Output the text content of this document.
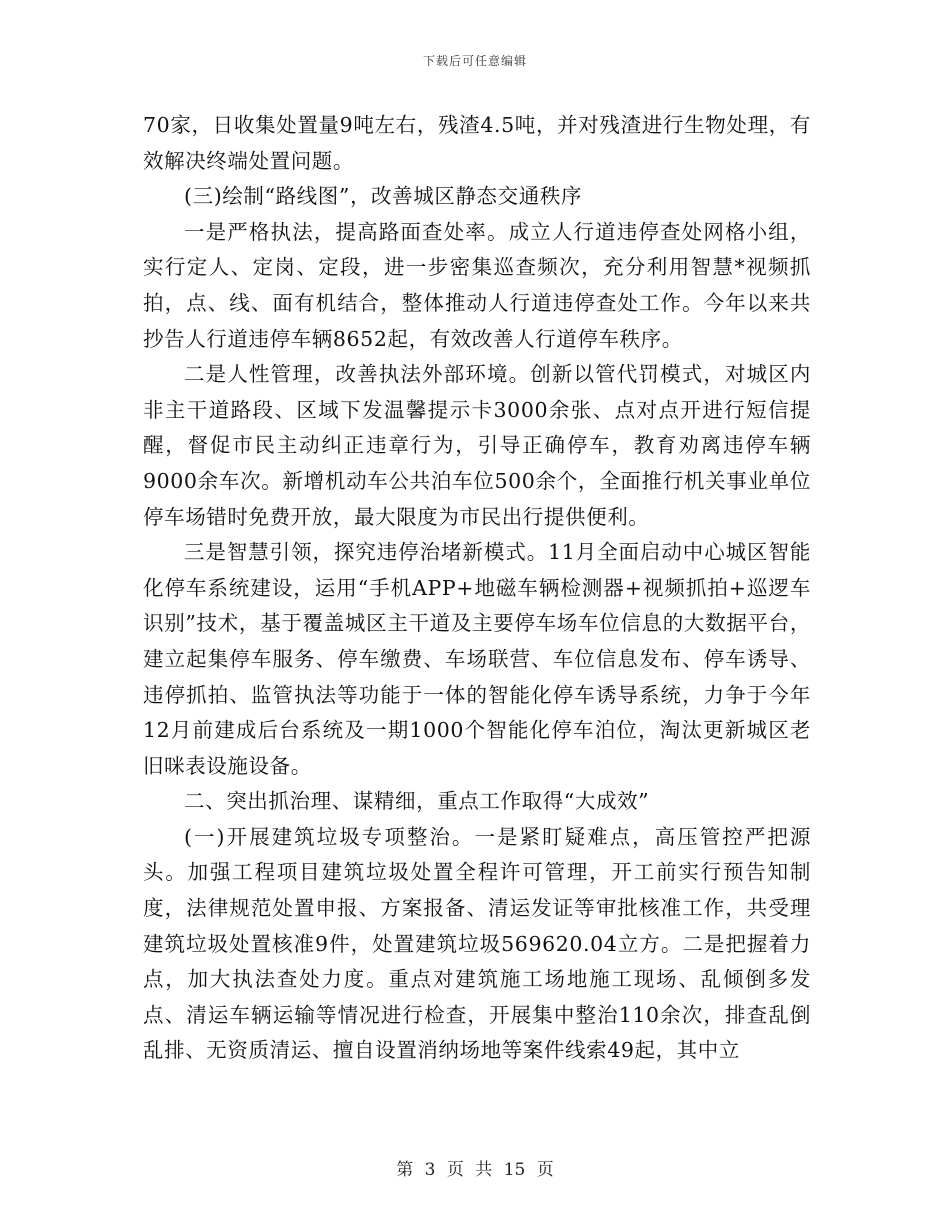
下载后可任意编辑

70家，日收集处置量9吨左右，残渣4.5吨，并对残渣进行生物处理，有效解决终端处置问题。

(三)绘制“路线图”，改善城区静态交通秩序

一是严格执法，提高路面查处率。成立人行道违停查处网格小组，实行定人、定岗、定段，进一步密集巡查频次，充分利用智慧*视频抓拍，点、线、面有机结合，整体推动人行道违停查处工作。今年以来共抄告人行道违停车辆8652起，有效改善人行道停车秩序。

二是人性管理，改善执法外部环境。创新以管代罚模式，对城区内非主干道路段、区域下发温馨提示卡3000余张、点对点开进行短信提醒，督促市民主动纠正违章行为，引导正确停车，教育劝离违停车辆9000余车次。新增机动车公共泊车位500余个，全面推行机关事业单位停车场错时免费开放，最大限度为市民出行提供便利。

三是智慧引领，探究违停治堵新模式。11月全面启动中心城区智能化停车系统建设，运用“手机APP+地磁车辆检测器+视频抓拍+巡逻车识别”技术，基于覆盖城区主干道及主要停车场车位信息的大数据平台，建立起集停车服务、停车缴费、车场联营、车位信息发布、停车诱导、违停抓拍、监管执法等功能于一体的智能化停车诱导系统，力争于今年12月前建成后台系统及一期1000个智能化停车泊位，淘汰更新城区老旧咪表设施设备。

二、突出抓治理、谋精细，重点工作取得“大成效”

(一)开展建筑垃圾专项整治。一是紧盯疑难点，高压管控严把源头。加强工程项目建筑垃圾处置全程许可管理，开工前实行预告知制度，法律规范处置申报、方案报备、清运发证等审批核准工作，共受理建筑垃圾处置核准9件，处置建筑垃圾569620.04立方。二是把握着力点，加大执法查处力度。重点对建筑施工场地施工现场、乱倾倒多发点、清运车辆运输等情况进行检查，开展集中整治110余次，排查乱倒乱排、无资质清运、擅自设置消纳场地等案件线索49起，其中立

第 3 页 共 15 页
